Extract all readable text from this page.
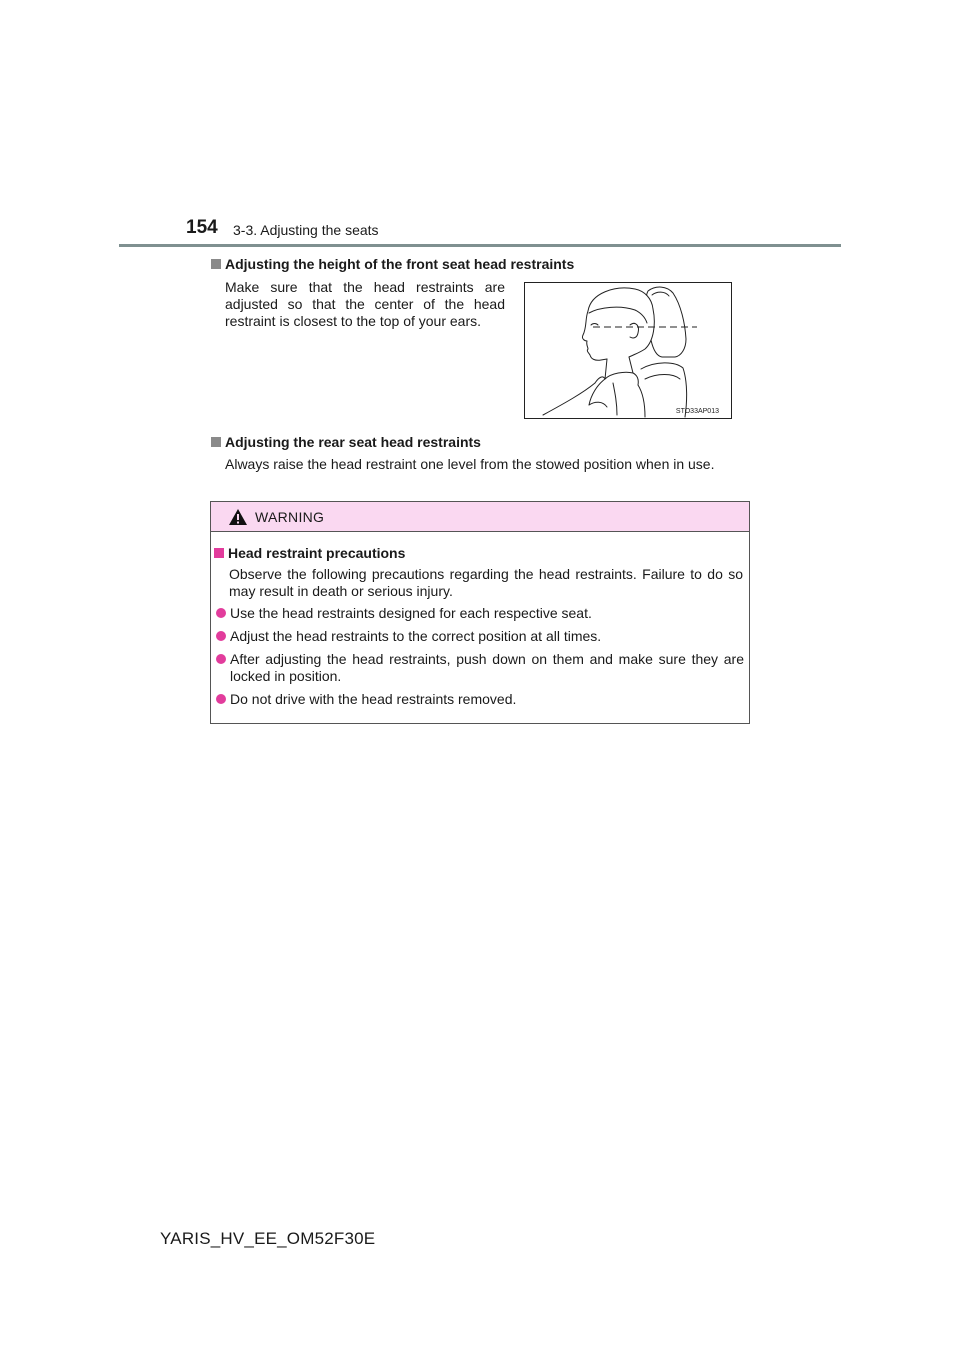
154 3-3. Adjusting the seats
Adjusting the height of the front seat head restraints
Make sure that the head restraints are adjusted so that the center of the head restraint is closest to the top of your ears.
STO33AP013
Adjusting the rear seat head restraints
Always raise the head restraint one level from the stowed position when in use.
WARNING
Head restraint precautions
Observe the following precautions regarding the head restraints. Failure to do so may result in death or serious injury.
Use the head restraints designed for each respective seat.
Adjust the head restraints to the correct position at all times.
After adjusting the head restraints, push down on them and make sure they are locked in position.
Do not drive with the head restraints removed.
YARIS_HV_EE_OM52F30E
